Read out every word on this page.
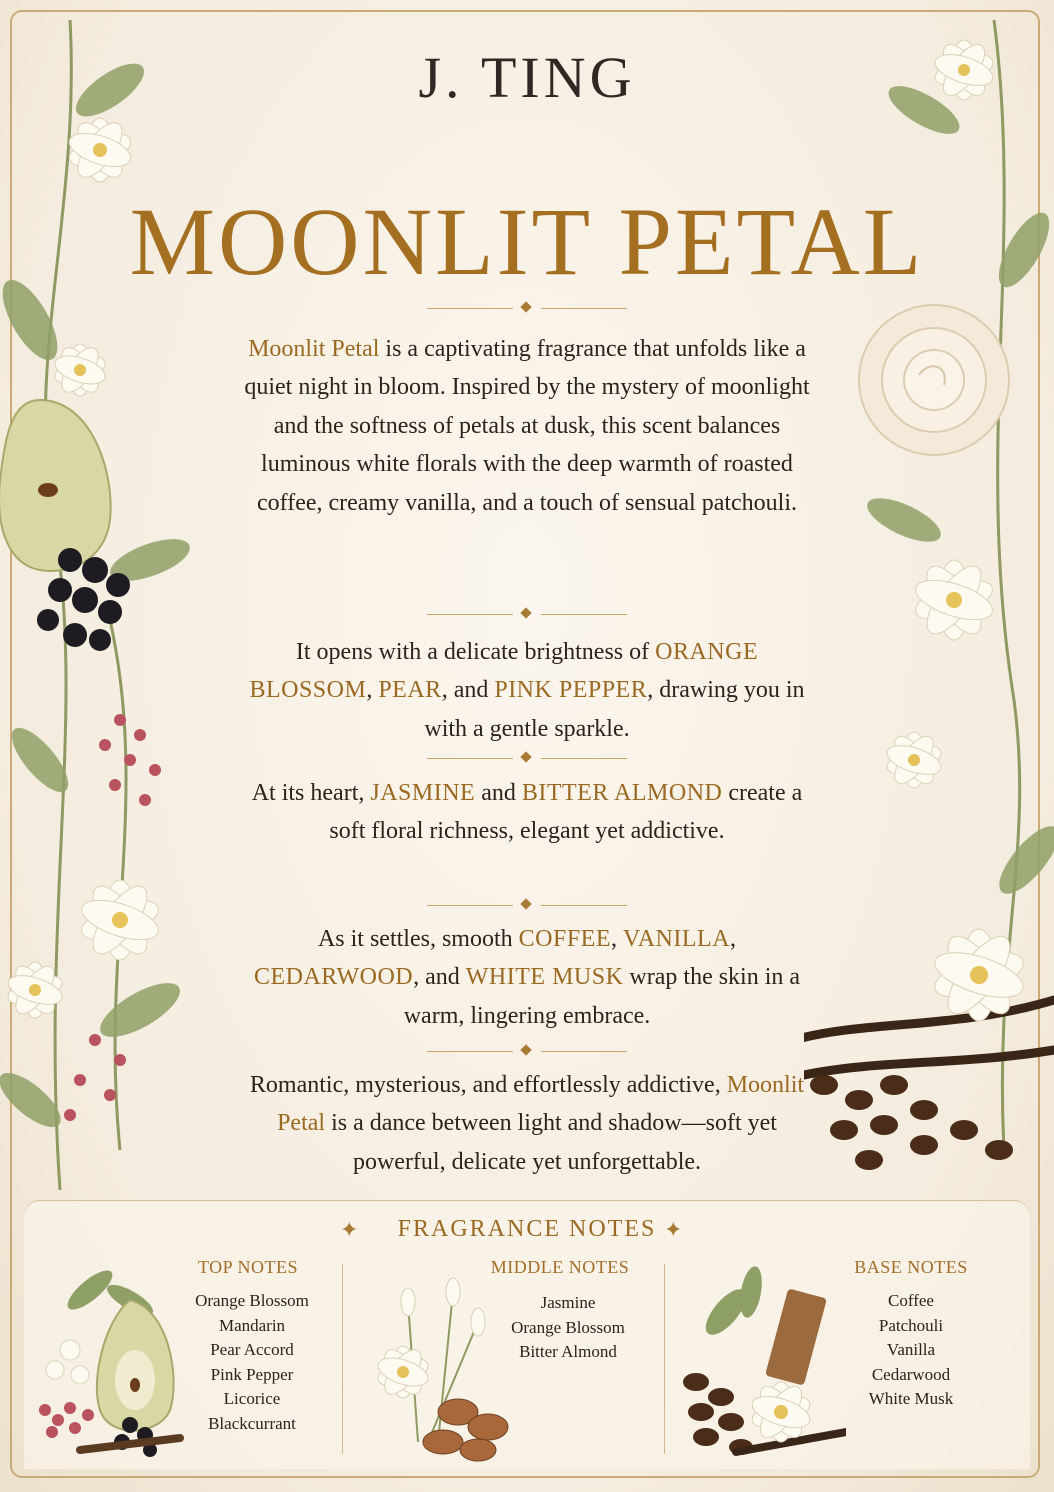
J. TING
MOONLIT PETAL

Moonlit Petal is a captivating fragrance that unfolds like a quiet night in bloom. Inspired by the mystery of moonlight and the softness of petals at dusk, this scent balances luminous white florals with the deep warmth of roasted coffee, creamy vanilla, and a touch of sensual patchouli.

It opens with a delicate brightness of ORANGE BLOSSOM, PEAR, and PINK PEPPER, drawing you in with a gentle sparkle.

At its heart, JASMINE and BITTER ALMOND create a soft floral richness, elegant yet addictive.

As it settles, smooth COFFEE, VANILLA, CEDARWOOD, and WHITE MUSK wrap the skin in a warm, lingering embrace.

Romantic, mysterious, and effortlessly addictive, Moonlit Petal is a dance between light and shadow—soft yet powerful, delicate yet unforgettable.

✦	FRAGRANCE NOTES ✦
TOP NOTES
Orange Blossom
Mandarin
Pear Accord
Pink Pepper
Licorice
Blackcurrant
MIDDLE NOTES
Jasmine
Orange Blossom
Bitter Almond
BASE NOTES
Coffee
Patchouli
Vanilla
Cedarwood
White Musk
